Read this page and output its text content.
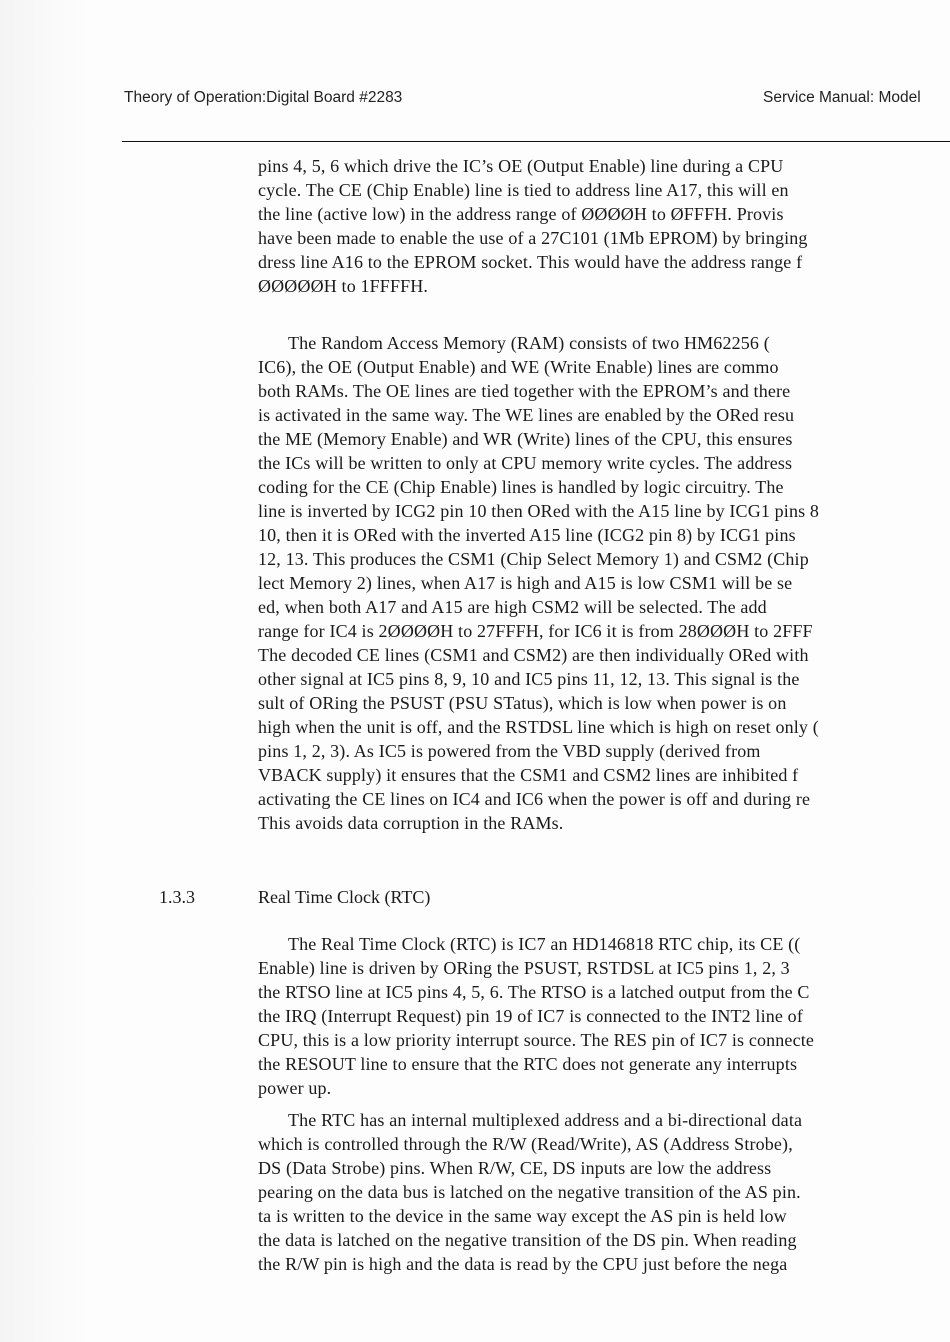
Theory of Operation:Digital Board #2283	Service Manual: Model
pins 4, 5, 6 which drive the IC’s OE (Output Enable) line during a CPU
cycle. The CE (Chip Enable) line is tied to address line A17, this will en
the line (active low) in the address range of ØØØØH to ØFFFH. Provis
have been made to enable the use of a 27C101 (1Mb EPROM) by bringing
dress line A16 to the EPROM socket. This would have the address range f
ØØØØØH to 1FFFFH.
The Random Access Memory (RAM) consists of two HM62256 (
IC6), the OE (Output Enable) and WE (Write Enable) lines are commo
both RAMs. The OE lines are tied together with the EPROM’s and there
is activated in the same way. The WE lines are enabled by the ORed resu
the ME (Memory Enable) and WR (Write) lines of the CPU, this ensures
the ICs will be written to only at CPU memory write cycles. The address
coding for the CE (Chip Enable) lines is handled by logic circuitry. The
line is inverted by ICG2 pin 10 then ORed with the A15 line by ICG1 pins 8
10, then it is ORed with the inverted A15 line (ICG2 pin 8) by ICG1 pins
12, 13. This produces the CSM1 (Chip Select Memory 1) and CSM2 (Chip
lect Memory 2) lines, when A17 is high and A15 is low CSM1 will be se
ed, when both A17 and A15 are high CSM2 will be selected. The add
range for IC4 is 2ØØØØH to 27FFFH, for IC6 it is from 28ØØØH to 2FFF
The decoded CE lines (CSM1 and CSM2) are then individually ORed with
other signal at IC5 pins 8, 9, 10 and IC5 pins 11, 12, 13. This signal is the
sult of ORing the PSUST (PSU STatus), which is low when power is on
high when the unit is off, and the RSTDSL line which is high on reset only (
pins 1, 2, 3). As IC5 is powered from the VBD supply (derived from
VBACK supply) it ensures that the CSM1 and CSM2 lines are inhibited f
activating the CE lines on IC4 and IC6 when the power is off and during re
This avoids data corruption in the RAMs.
1.3.3	Real Time Clock (RTC)
The Real Time Clock (RTC) is IC7 an HD146818 RTC chip, its CE ((
Enable) line is driven by ORing the PSUST, RSTDSL at IC5 pins 1, 2, 3
the RTSO line at IC5 pins 4, 5, 6. The RTSO is a latched output from the C
the IRQ (Interrupt Request) pin 19 of IC7 is connected to the INT2 line of
CPU, this is a low priority interrupt source. The RES pin of IC7 is connecte
the RESOUT line to ensure that the RTC does not generate any interrupts
power up.
The RTC has an internal multiplexed address and a bi-directional data
which is controlled through the R/W (Read/Write), AS (Address Strobe),
DS (Data Strobe) pins. When R/W, CE, DS inputs are low the address
pearing on the data bus is latched on the negative transition of the AS pin.
ta is written to the device in the same way except the AS pin is held low
the data is latched on the negative transition of the DS pin. When reading
the R/W pin is high and the data is read by the CPU just before the nega
